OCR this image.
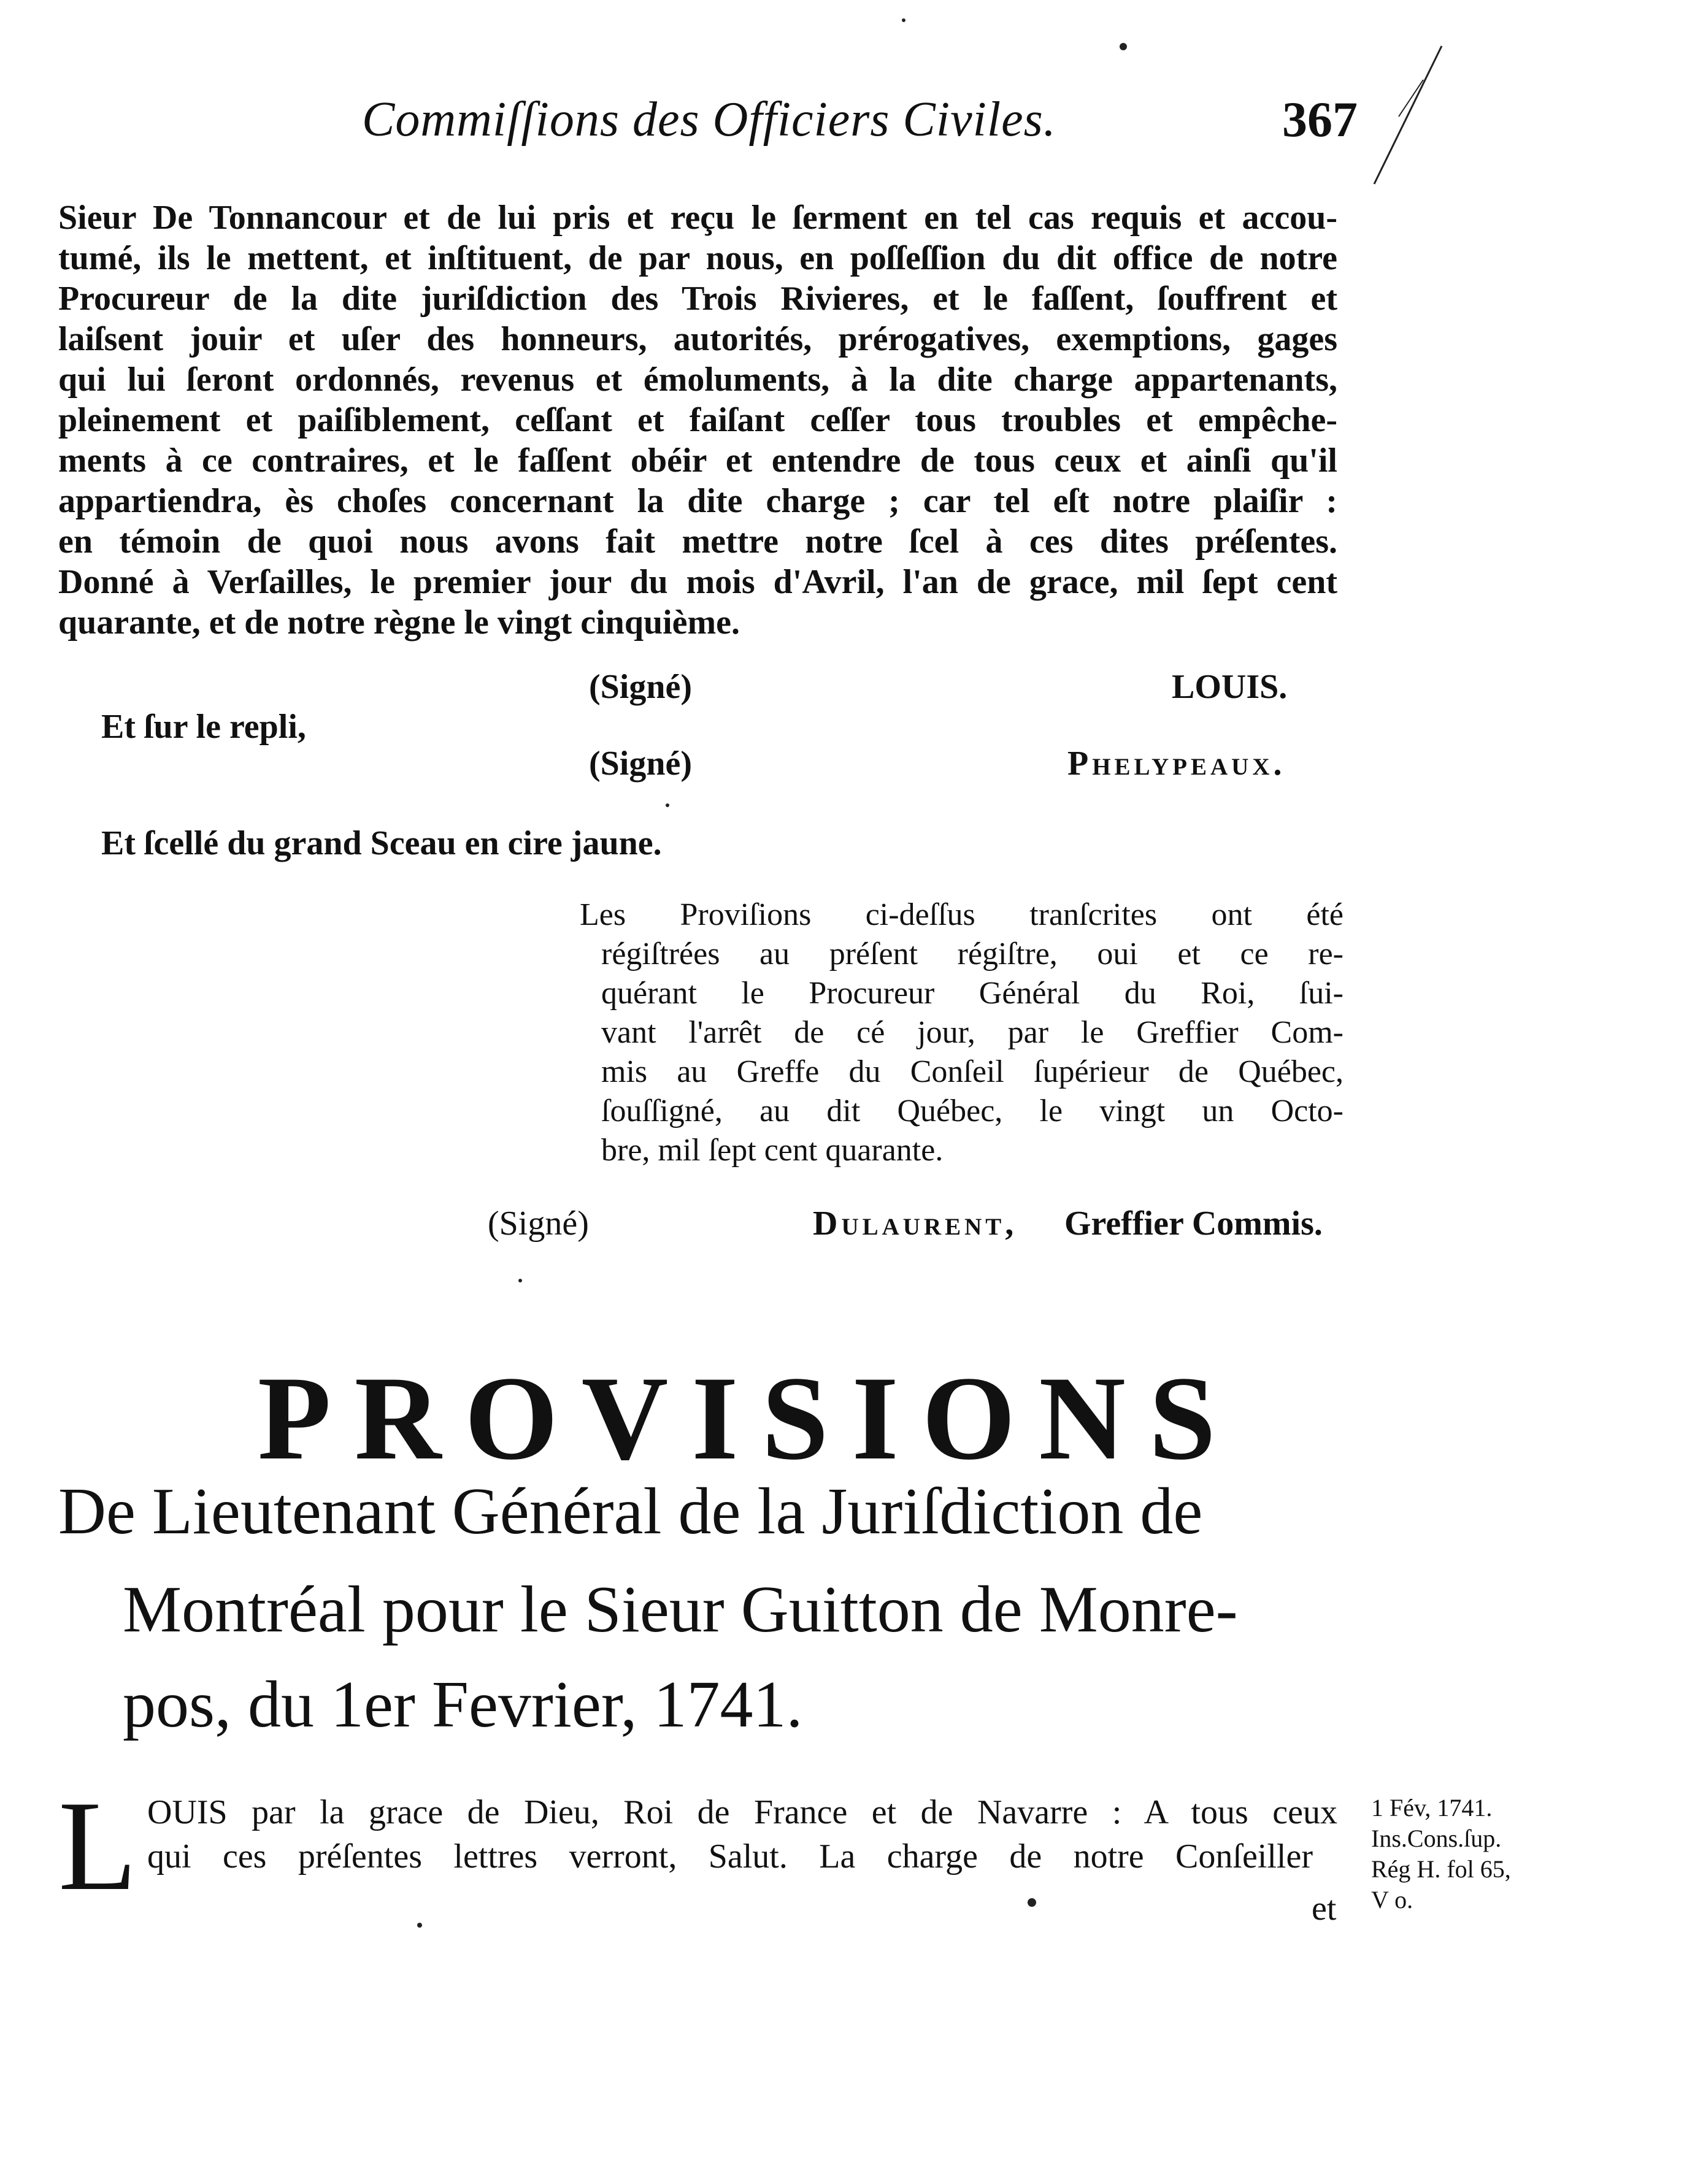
Commiſſions des Officiers Civiles.	367
Sieur De Tonnancour et de lui pris et reçu le ſerment en tel cas requis et accou-
tumé, ils le mettent, et inſtituent, de par nous, en poſſeſſion du dit office de notre
Procureur de la dite juriſdiction des Trois Rivieres, et le faſſent, ſouffrent et
laiſsent jouir et uſer des honneurs, autorités, prérogatives, exemptions, gages
qui lui ſeront ordonnés, revenus et émoluments, à la dite charge appartenants,
pleinement et paiſiblement, ceſſant et faiſant ceſſer tous troubles et empêche-
ments à ce contraires, et le faſſent obéir et entendre de tous ceux et ainſi qu'il
appartiendra, ès choſes concernant la dite charge ; car tel eſt notre plaiſir :
en témoin de quoi nous avons fait mettre notre ſcel à ces dites préſentes.
Donné à Verſailles, le premier jour du mois d'Avril, l'an de grace, mil ſept cent
quarante, et de notre règne le vingt cinquième.
(Signé)	LOUIS.
Et ſur le repli,
(Signé)	Phelypeaux.
Et ſcellé du grand Sceau en cire jaune.
Les Proviſions ci-deſſus tranſcrites ont été
régiſtrées au préſent régiſtre, oui et ce re-
quérant le Procureur Général du Roi, ſui-
vant l'arrêt de cé jour, par le Greffier Com-
mis au Greffe du Conſeil ſupérieur de Québec,
ſouſſigné, au dit Québec, le vingt un Octo-
bre, mil ſept cent quarante.
(Signé)	Dulaurent, Greffier Commis.
PROVISIONS
De Lieutenant Général de la Juriſdiction de
Montréal pour le Sieur Guitton de Monre-
pos, du 1er Fevrier, 1741.
L OUIS par la grace de Dieu, Roi de France et de Navarre : A tous ceux
qui ces préſentes lettres verront, Salut. La charge de notre Conſeiller
et
1 Fév, 1741.
Ins.Cons.ſup.
Rég H. fol 65,
V o.
